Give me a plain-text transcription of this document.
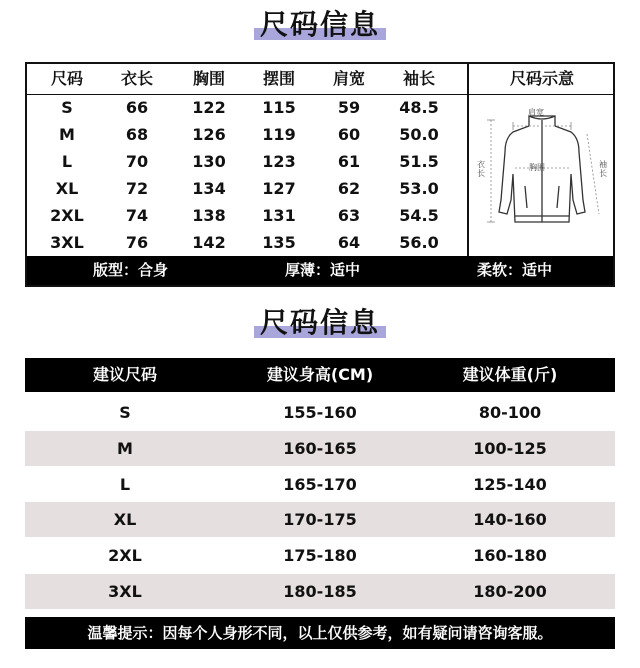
尺码信息
尺码	衣长	胸围	摆围	肩宽	袖长
S	66	122	115	59	48.5
M	68	126	119	60	50.0
L	70	130	123	61	51.5
XL	72	134	127	62	53.0
2XL	74	138	131	63	54.5
3XL	76	142	135	64	56.0
尺码示意
肩宽
胸围
衣长
袖长
版型：合身	厚薄：适中	柔软：适中
尺码信息
建议尺码	建议身高(CM)	建议体重(斤)
S	155-160	80-100
M	160-165	100-125
L	165-170	125-140
XL	170-175	140-160
2XL	175-180	160-180
3XL	180-185	180-200
温馨提示：因每个人身形不同，以上仅供参考，如有疑问请咨询客服。
